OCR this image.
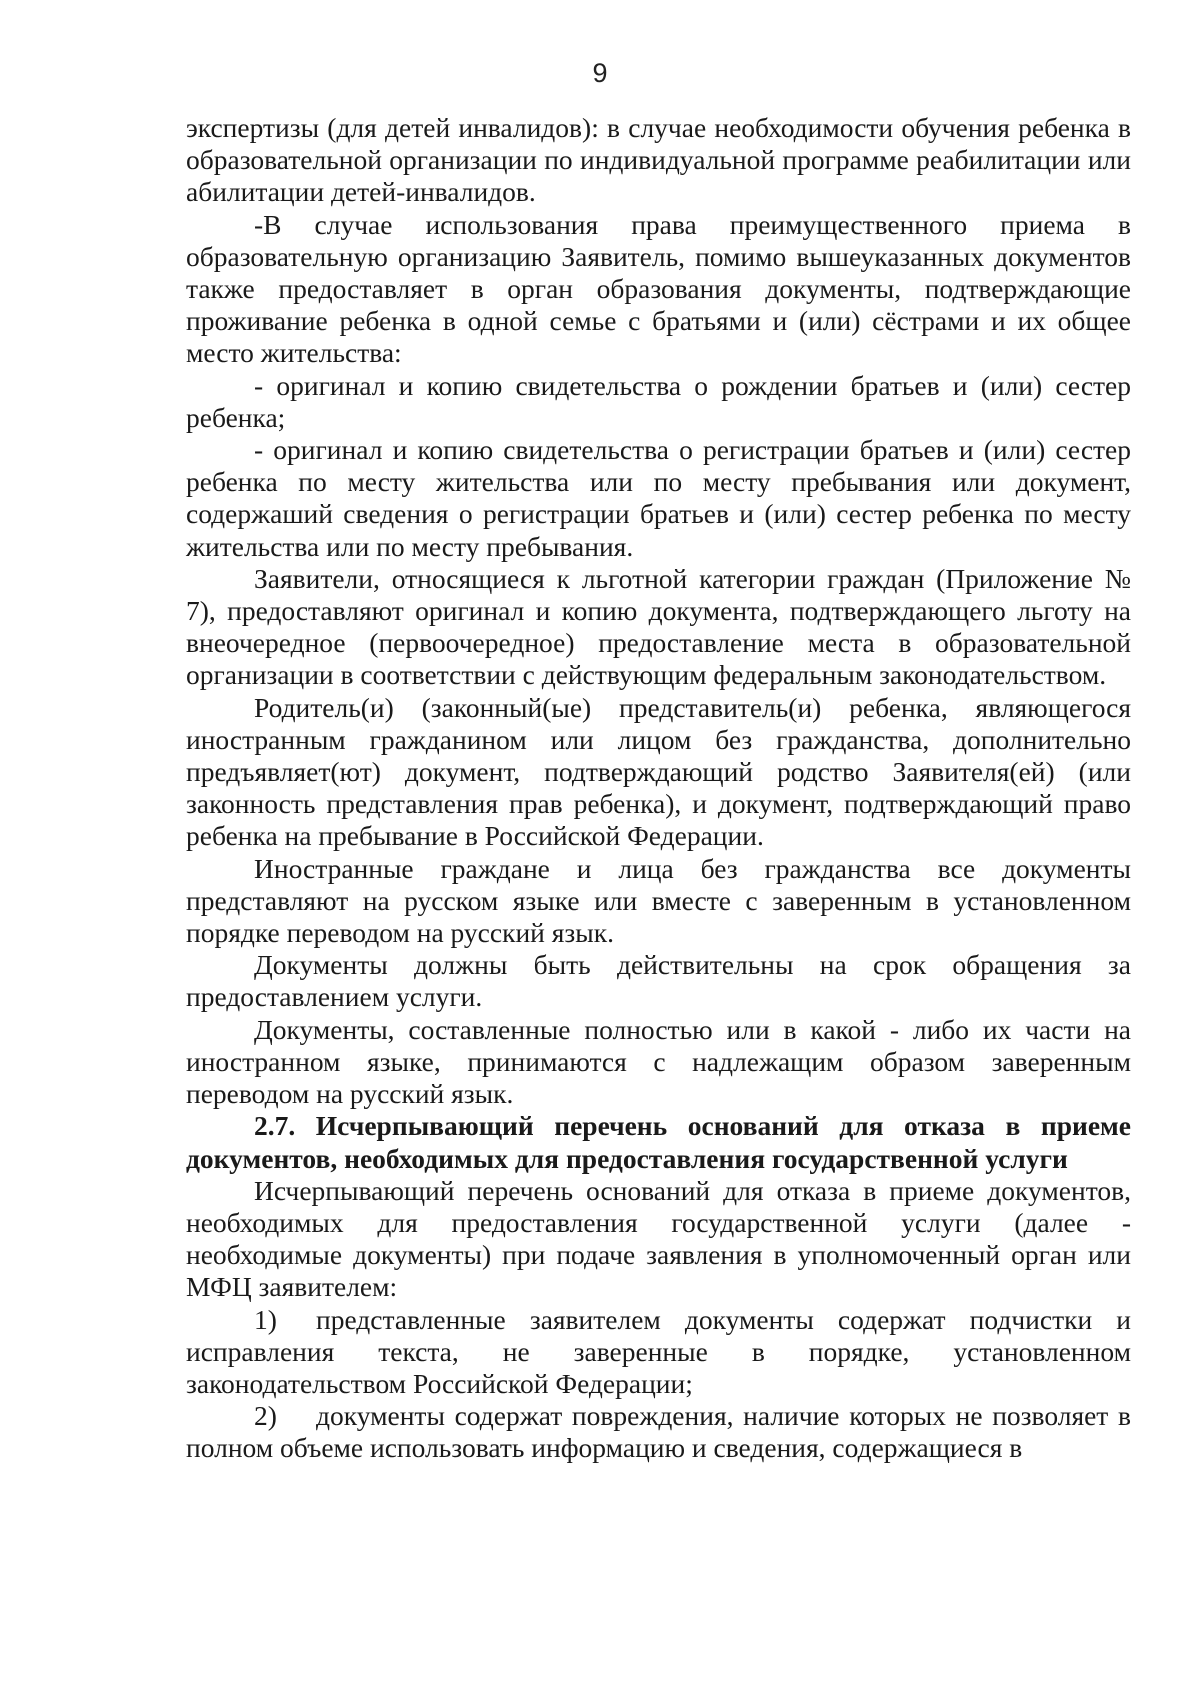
9

экспертизы (для детей инвалидов): в случае необходимости обучения ребенка в образовательной организации по индивидуальной программе реабилитации или абилитации детей-инвалидов.

-В случае использования права преимущественного приема в образовательную организацию Заявитель, помимо вышеуказанных документов также предоставляет в орган образования документы, подтверждающие проживание ребенка в одной семье с братьями и (или) сёстрами и их общее место жительства:

- оригинал и копию свидетельства о рождении братьев и (или) сестер ребенка;

- оригинал и копию свидетельства о регистрации братьев и (или) сестер ребенка по месту жительства или по месту пребывания или документ, содержаший сведения о регистрации братьев и (или) сестер ребенка по месту жительства или по месту пребывания.

Заявители, относящиеся к льготной категории граждан (Приложение № 7), предоставляют оригинал и копию документа, подтверждающего льготу на внеочередное (первоочередное) предоставление места в образовательной организации в соответствии с действующим федеральным законодательством.

Родитель(и) (законный(ые) представитель(и) ребенка, являющегося иностранным гражданином или лицом без гражданства, дополнительно предъявляет(ют) документ, подтверждающий родство Заявителя(ей) (или законность представления прав ребенка), и документ, подтверждающий право ребенка на пребывание в Российской Федерации.

Иностранные граждане и лица без гражданства все документы представляют на русском языке или вместе с заверенным в установленном порядке переводом на русский язык.

Документы должны быть действительны на срок обращения за предоставлением услуги.

Документы, составленные полностью или в какой - либо их части на иностранном языке, принимаются с надлежащим образом заверенным переводом на русский язык.

2.7. Исчерпывающий перечень оснований для отказа в приеме документов, необходимых для предоставления государственной услуги

Исчерпывающий перечень оснований для отказа в приеме документов, необходимых для предоставления государственной услуги (далее - необходимые документы) при подаче заявления в уполномоченный орган или МФЦ заявителем:

1) представленные заявителем документы содержат подчистки и исправления текста, не заверенные в порядке, установленном законодательством Российской Федерации;

2) документы содержат повреждения, наличие которых не позволяет в полном объеме использовать информацию и сведения, содержащиеся в
